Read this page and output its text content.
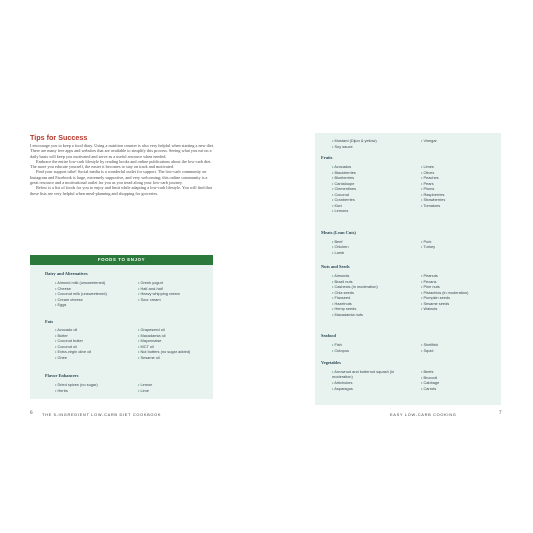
Tips for Success

I encourage you to keep a food diary. Using a nutrition counter is also very helpful when starting a new diet. There are many free apps and websites that are available to simplify this process. Seeing what you eat on a daily basis will keep you motivated and serve as a useful resource when needed.

Embrace the entire low-carb lifestyle by reading books and online publications about the low-carb diet. The more you educate yourself, the easier it becomes to stay on track and motivated.

Find your support tribe! Social media is a wonderful outlet for support. The low-carb community on Instagram and Facebook is large, extremely supportive, and very welcoming; this online community is a great resource and a motivational outlet for you as you tread along your low-carb journey.

Below is a list of foods for you to enjoy and limit while adapting a low-carb lifestyle. You will find that these lists are very helpful when meal-planning and shopping for groceries.

FOODS TO ENJOY
Dairy and Alternatives
• Almond milk (unsweetened)
• Cheese
• Coconut milk (unsweetened)
• Cream cheese
• Eggs
• Greek yogurt
• Half-and-half
• Heavy whipping cream
• Sour cream
Fats
• Avocado oil
• Butter
• Coconut butter
• Coconut oil
• Extra-virgin olive oil
• Ghee
• Grapeseed oil
• Macadamia oil
• Mayonnaise
• MCT oil
• Nut butters (no sugar added)
• Sesame oil
Flavor Enhancers
• Dried spices (no sugar)
• Herbs
• Lemon
• Lime
6 THE 5-INGREDIENT LOW-CARB DIET COOKBOOK
• Mustard (Dijon & yellow)
• Soy sauce
• Vinegar
Fruits
• Avocados
• Blackberries
• Blueberries
• Cantaloupe
• Clementines
• Coconut
• Cranberries
• Kiwi
• Lemons
• Limes
• Olives
• Peaches
• Pears
• Plums
• Raspberries
• Strawberries
• Tomatoes
Meats (Lean Cuts)
• Beef
• Chicken
• Lamb
• Pork
• Turkey
Nuts and Seeds
• Almonds
• Brazil nuts
• Cashews (in moderation)
• Chia seeds
• Flaxseed
• Hazelnuts
• Hemp seeds
• Macadamia nuts
• Peanuts
• Pecans
• Pine nuts
• Pistachios (in moderation)
• Pumpkin seeds
• Sesame seeds
• Walnuts
Seafood
• Fish
• Octopus
• Shellfish
• Squid
Vegetables
• Arrowroot and butternut squash (in moderation)
• Artichokes
• Asparagus
• Beets
• Broccoli
• Cabbage
• Carrots
EASY LOW-CARB COOKING	7
